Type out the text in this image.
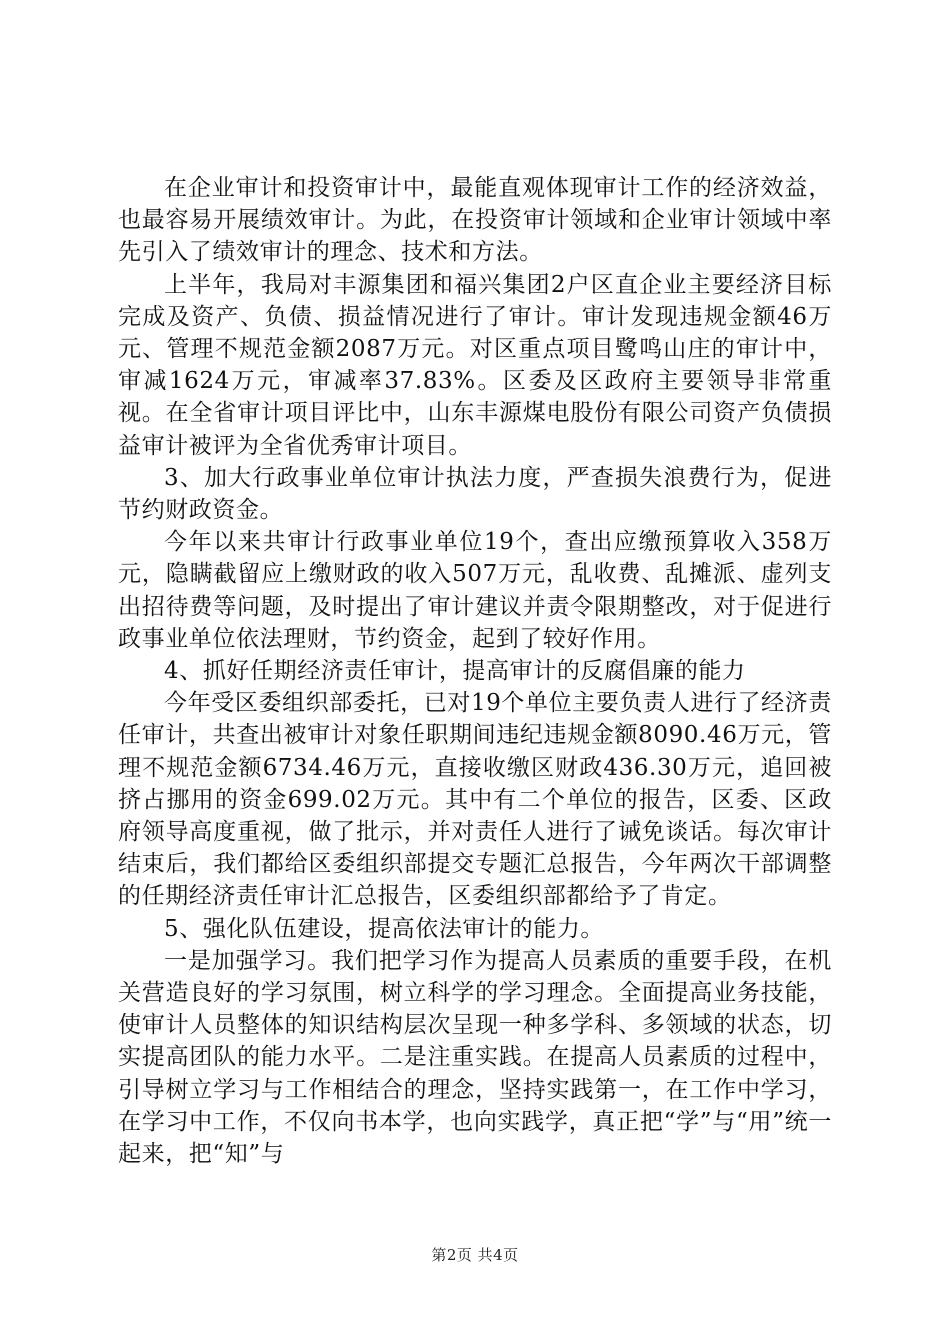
在企业审计和投资审计中，最能直观体现审计工作的经济效益，也最容易开展绩效审计。为此，在投资审计领域和企业审计领域中率先引入了绩效审计的理念、技术和方法。

上半年，我局对丰源集团和福兴集团2户区直企业主要经济目标完成及资产、负债、损益情况进行了审计。审计发现违规金额46万元、管理不规范金额2087万元。对区重点项目鹭鸣山庄的审计中，审减1624万元，审减率37.83%。区委及区政府主要领导非常重视。在全省审计项目评比中，山东丰源煤电股份有限公司资产负债损益审计被评为全省优秀审计项目。

3、加大行政事业单位审计执法力度，严查损失浪费行为，促进节约财政资金。

今年以来共审计行政事业单位19个，查出应缴预算收入358万元，隐瞒截留应上缴财政的收入507万元，乱收费、乱摊派、虚列支出招待费等问题，及时提出了审计建议并责令限期整改，对于促进行政事业单位依法理财，节约资金，起到了较好作用。

4、抓好任期经济责任审计，提高审计的反腐倡廉的能力

今年受区委组织部委托，已对19个单位主要负责人进行了经济责任审计，共查出被审计对象任职期间违纪违规金额8090.46万元，管理不规范金额6734.46万元，直接收缴区财政436.30万元，追回被挤占挪用的资金699.02万元。其中有二个单位的报告，区委、区政府领导高度重视，做了批示，并对责任人进行了诫免谈话。每次审计结束后，我们都给区委组织部提交专题汇总报告，今年两次干部调整的任期经济责任审计汇总报告，区委组织部都给予了肯定。

5、强化队伍建设，提高依法审计的能力。

一是加强学习。我们把学习作为提高人员素质的重要手段，在机关营造良好的学习氛围，树立科学的学习理念。全面提高业务技能，使审计人员整体的知识结构层次呈现一种多学科、多领域的状态，切实提高团队的能力水平。二是注重实践。在提高人员素质的过程中，引导树立学习与工作相结合的理念，坚持实践第一，在工作中学习，在学习中工作，不仅向书本学，也向实践学，真正把“学”与“用”统一起来，把“知”与

第2页 共4页
